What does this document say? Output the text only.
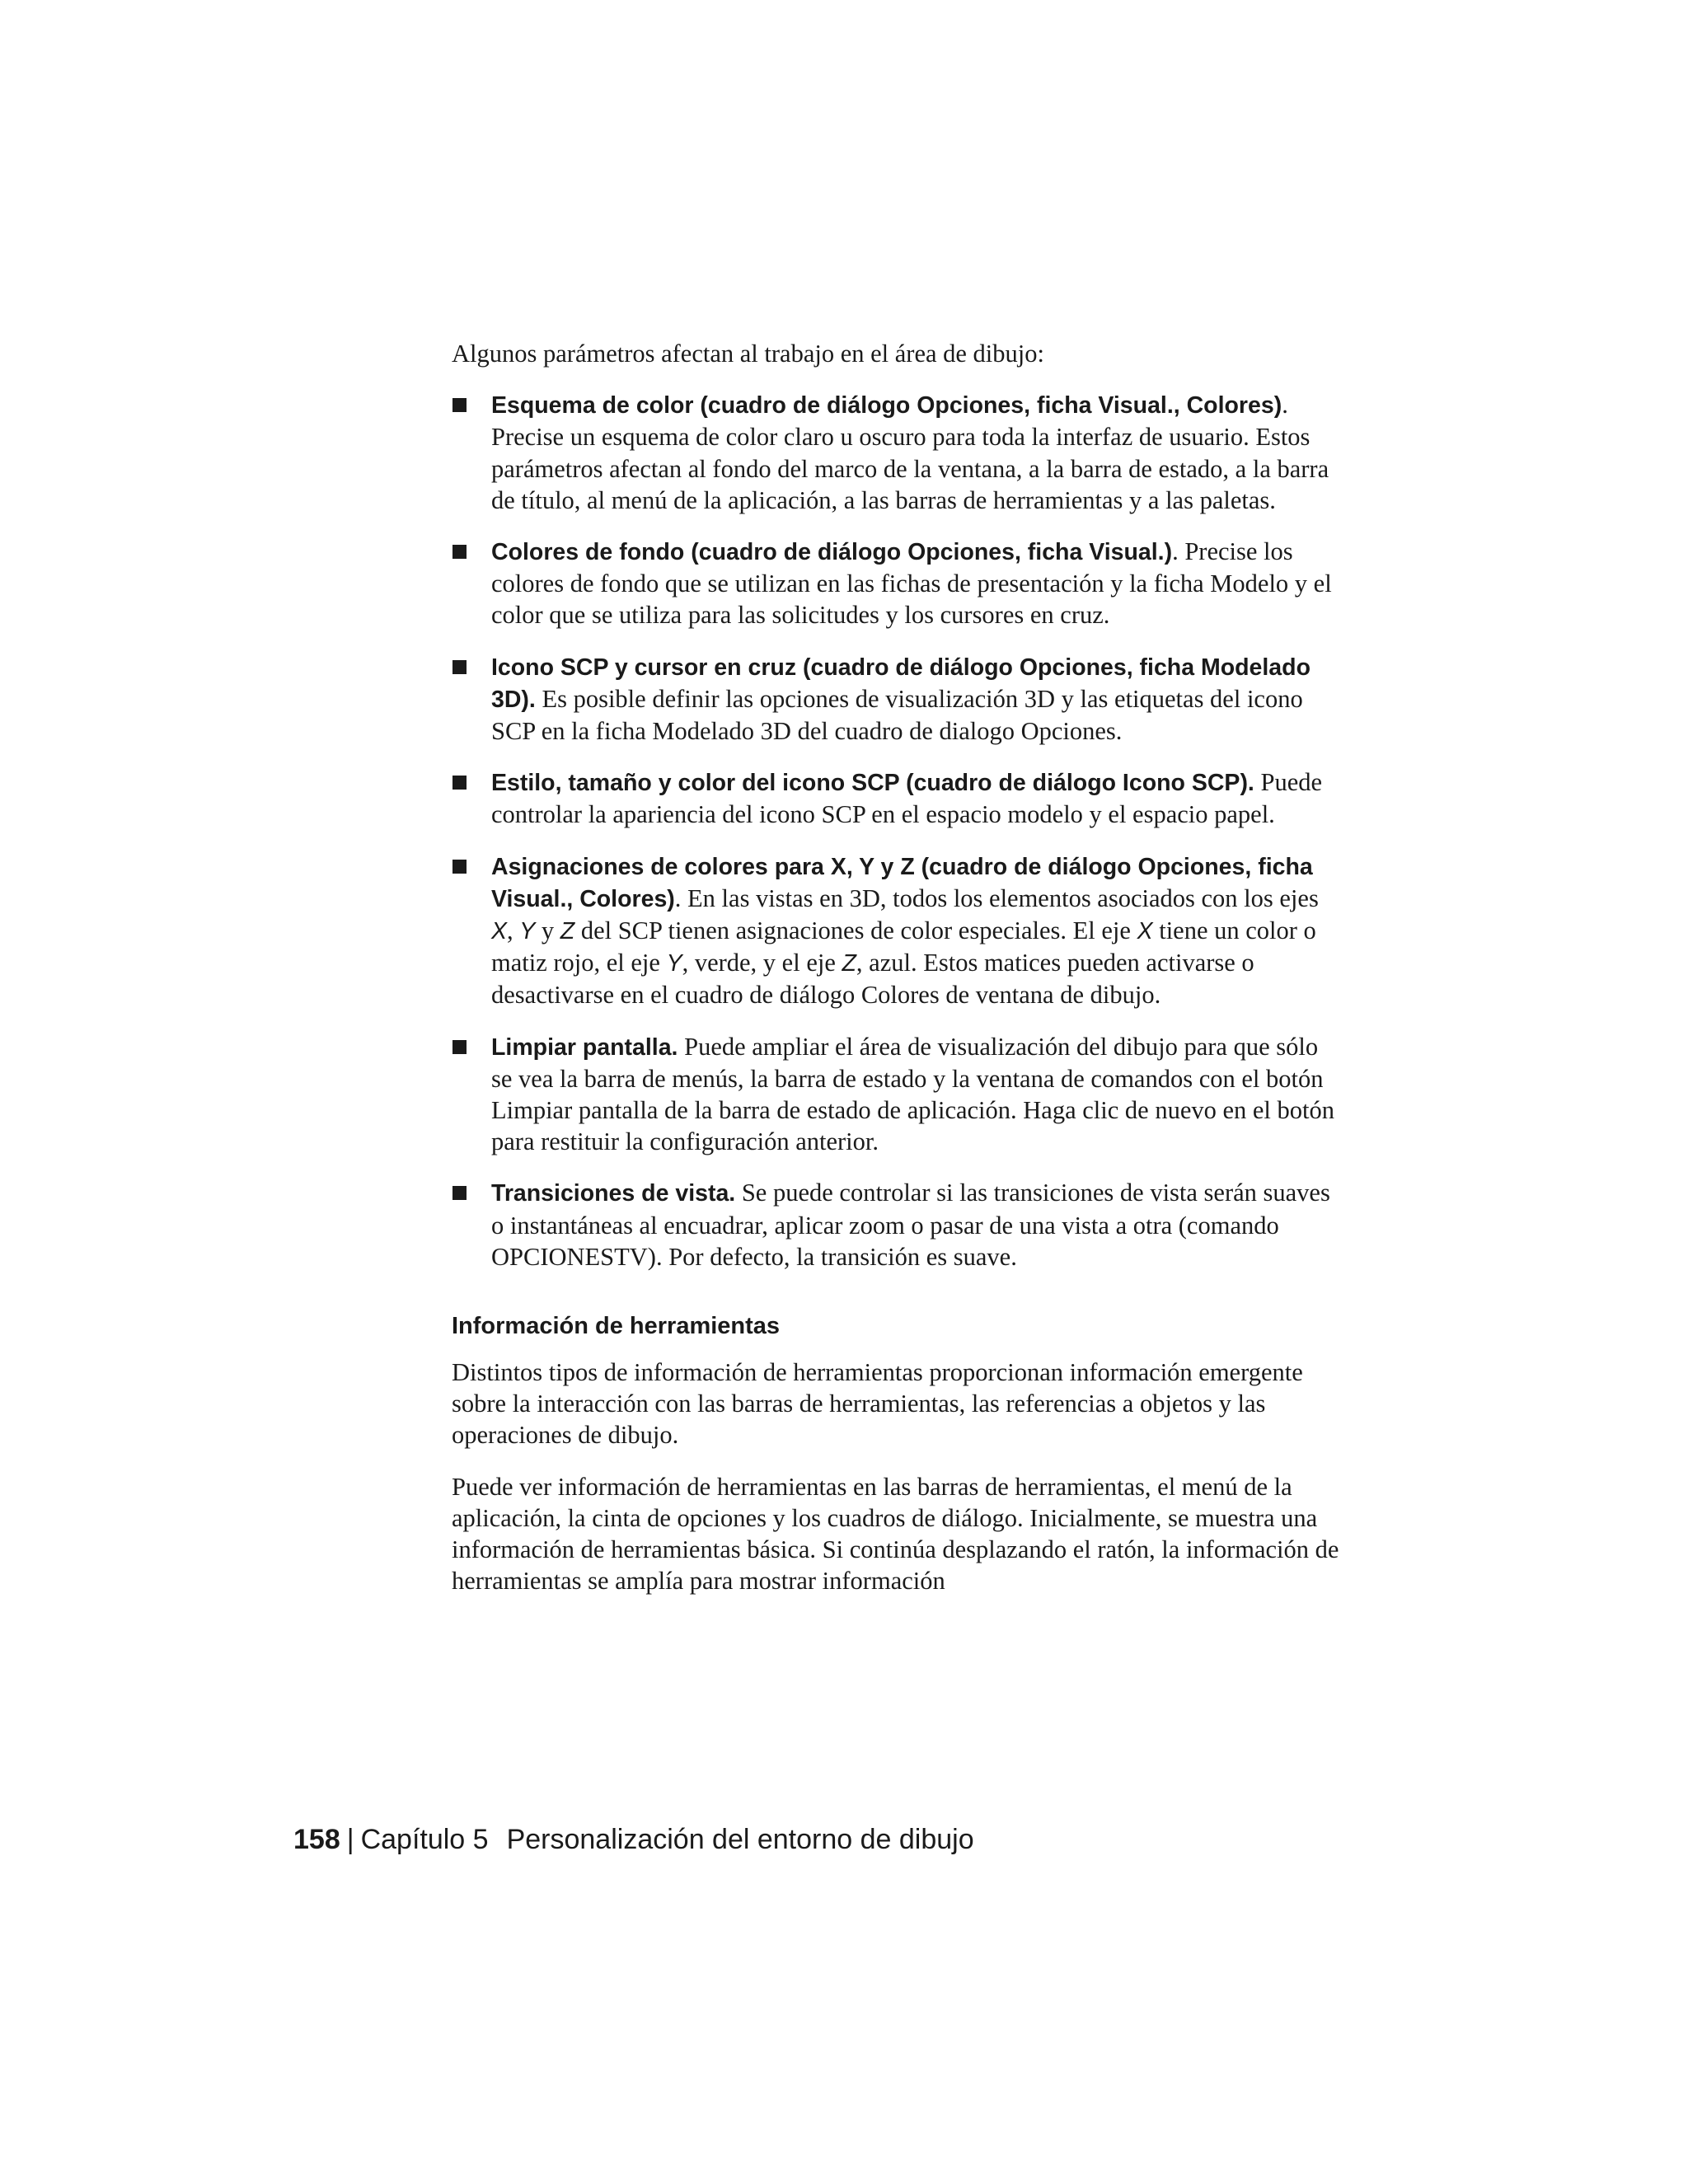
Algunos parámetros afectan al trabajo en el área de dibujo:

Esquema de color (cuadro de diálogo Opciones, ficha Visual., Colores). Precise un esquema de color claro u oscuro para toda la interfaz de usuario. Estos parámetros afectan al fondo del marco de la ventana, a la barra de estado, a la barra de título, al menú de la aplicación, a las barras de herramientas y a las paletas.
Colores de fondo (cuadro de diálogo Opciones, ficha Visual.). Precise los colores de fondo que se utilizan en las fichas de presentación y la ficha Modelo y el color que se utiliza para las solicitudes y los cursores en cruz.
Icono SCP y cursor en cruz (cuadro de diálogo Opciones, ficha Modelado 3D). Es posible definir las opciones de visualización 3D y las etiquetas del icono SCP en la ficha Modelado 3D del cuadro de dialogo Opciones.
Estilo, tamaño y color del icono SCP (cuadro de diálogo Icono SCP). Puede controlar la apariencia del icono SCP en el espacio modelo y el espacio papel.
Asignaciones de colores para X, Y y Z (cuadro de diálogo Opciones, ficha Visual., Colores). En las vistas en 3D, todos los elementos asociados con los ejes X, Y y Z del SCP tienen asignaciones de color especiales. El eje X tiene un color o matiz rojo, el eje Y, verde, y el eje Z, azul. Estos matices pueden activarse o desactivarse en el cuadro de diálogo Colores de ventana de dibujo.
Limpiar pantalla. Puede ampliar el área de visualización del dibujo para que sólo se vea la barra de menús, la barra de estado y la ventana de comandos con el botón Limpiar pantalla de la barra de estado de aplicación. Haga clic de nuevo en el botón para restituir la configuración anterior.
Transiciones de vista. Se puede controlar si las transiciones de vista serán suaves o instantáneas al encuadrar, aplicar zoom o pasar de una vista a otra (comando OPCIONESTV). Por defecto, la transición es suave.
Información de herramientas

Distintos tipos de información de herramientas proporcionan información emergente sobre la interacción con las barras de herramientas, las referencias a objetos y las operaciones de dibujo.

Puede ver información de herramientas en las barras de herramientas, el menú de la aplicación, la cinta de opciones y los cuadros de diálogo. Inicialmente, se muestra una información de herramientas básica. Si continúa desplazando el ratón, la información de herramientas se amplía para mostrar información

158 | Capítulo 5 Personalización del entorno de dibujo
